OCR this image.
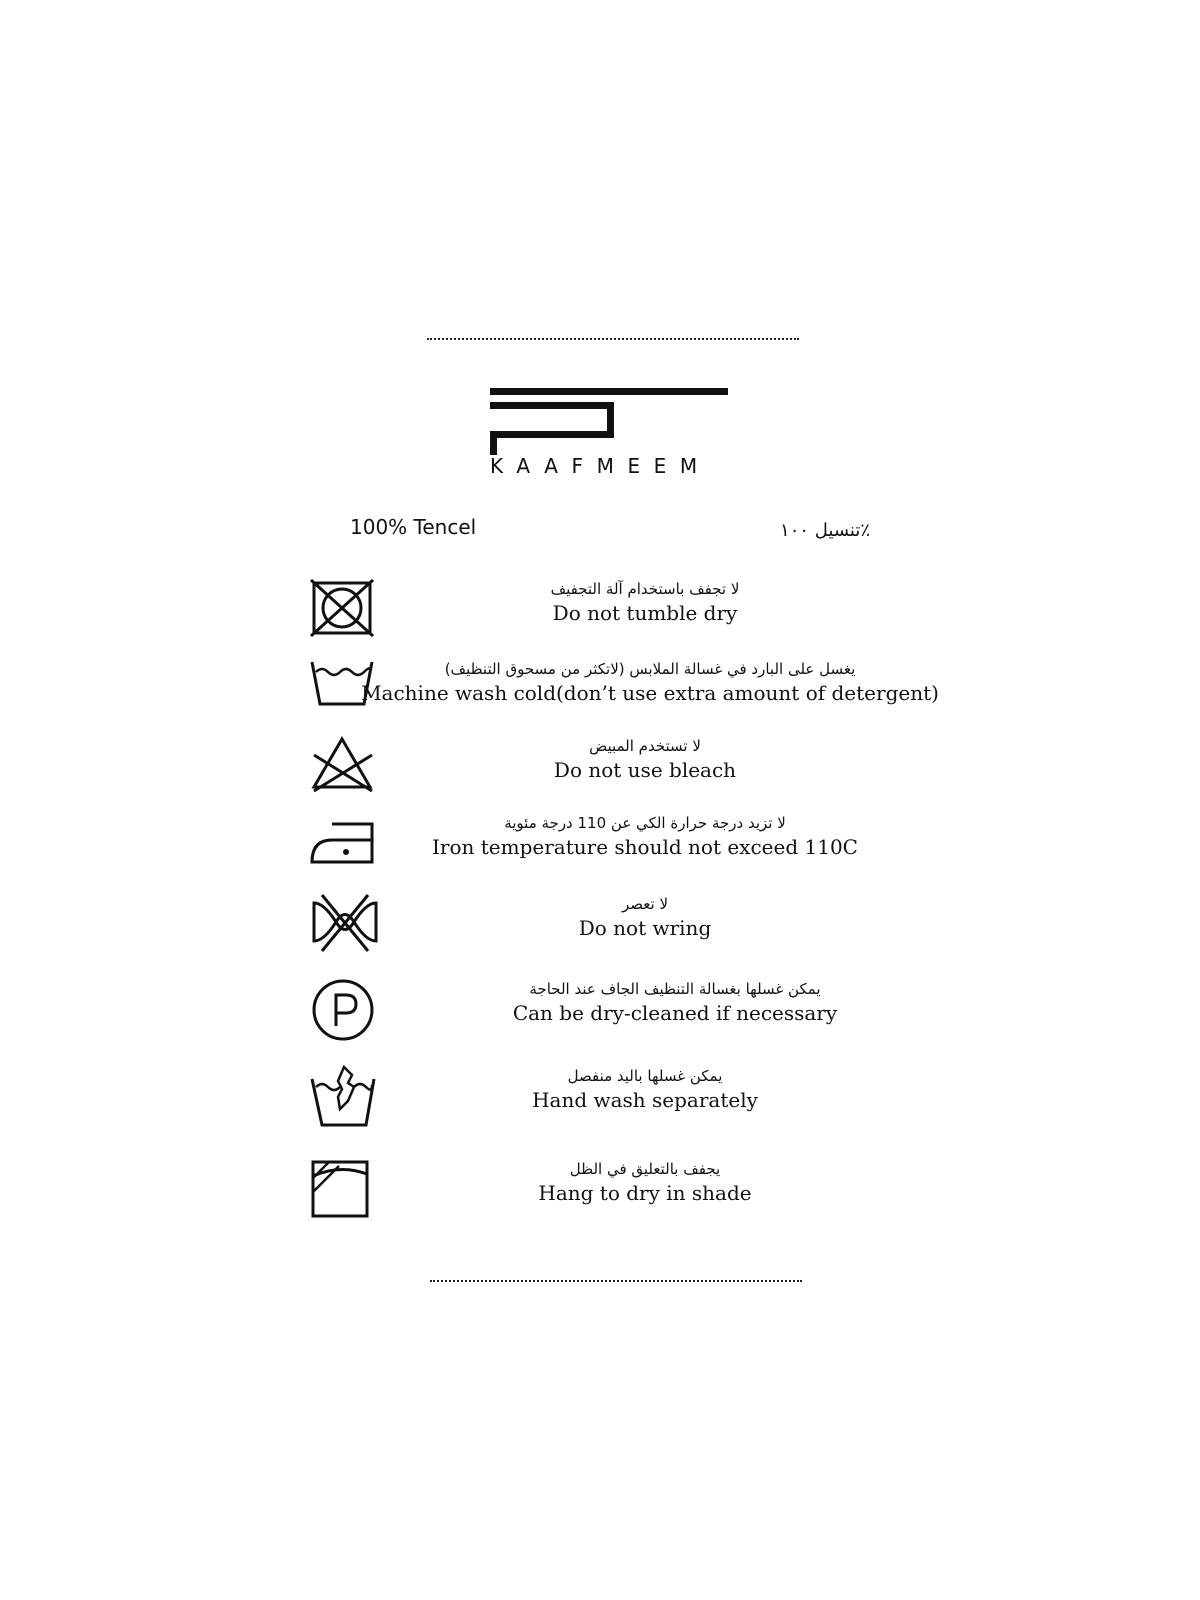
KAAFMEEM
100% Tencel	٪تنسيل ١٠٠
لا تجفف باستخدام آلة التجفيف
Do not tumble dry
يغسل على البارد في غسالة الملابس (لاتكثر من مسحوق التنظيف)
Machine wash cold(don’t use extra amount of detergent)
لا تستخدم المبيض
Do not use bleach
لا تزيد درجة حرارة الكي عن 110 درجة مئوية
Iron temperature should not exceed 110C
لا تعصر
Do not wring
يمكن غسلها بغسالة التنظيف الجاف عند الحاجة
Can be dry-cleaned if necessary
يمكن غسلها باليد منفصل
Hand wash separately
يجفف بالتعليق في الظل
Hang to dry in shade
